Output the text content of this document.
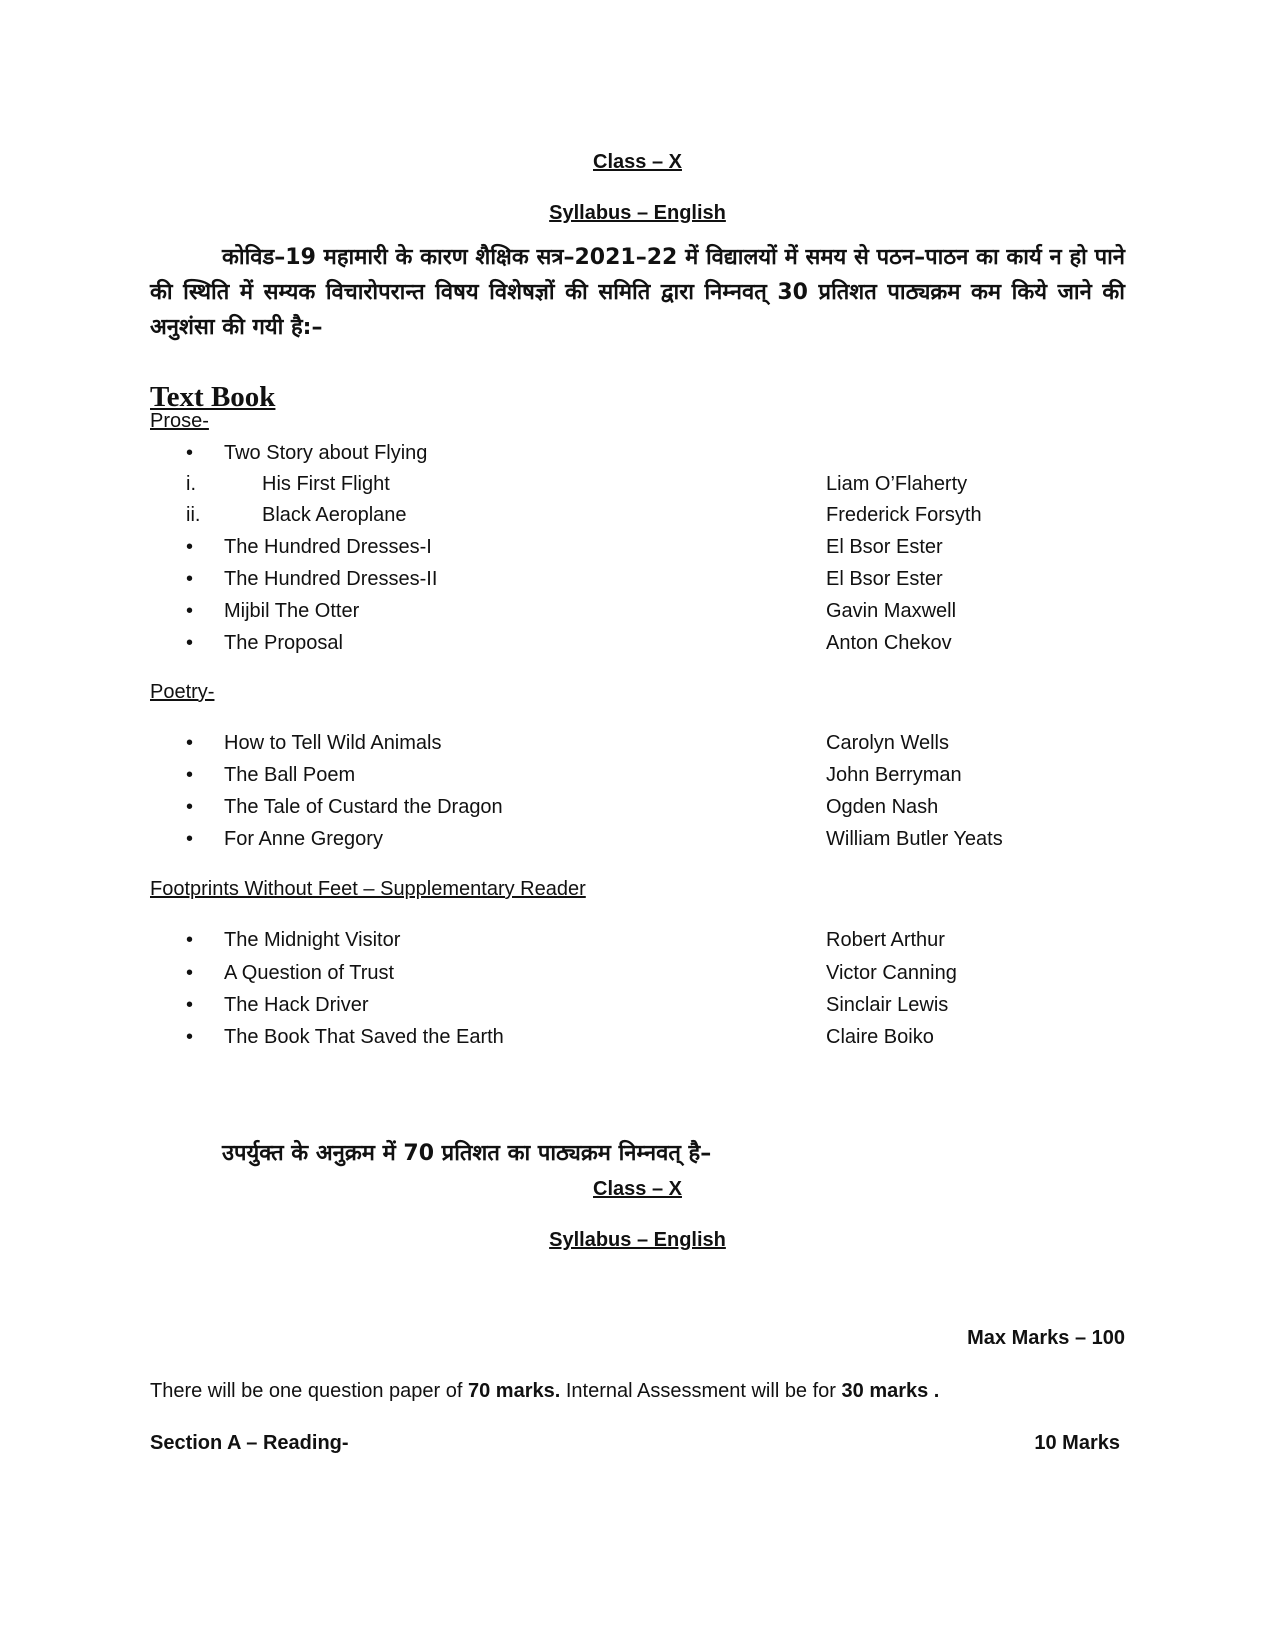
Class – X
Syllabus – English
कोविड–19 महामारी के कारण शैक्षिक सत्र–2021–22 में विद्यालयों में समय से पठन–पाठन का कार्य न हो पाने की स्थिति में सम्यक विचारोपरान्त विषय विशेषज्ञों की समिति द्वारा निम्नवत् 30 प्रतिशत पाठ्यक्रम कम किये जाने की अनुशंसा की गयी है:–
Text Book
Prose-
• Two Story about Flying
i.	His First Flight	Liam O’Flaherty
ii.	Black Aeroplane	Frederick Forsyth
• The Hundred Dresses-I	El Bsor Ester
• The Hundred Dresses-II	El Bsor Ester
• Mijbil The Otter	Gavin Maxwell
• The Proposal	Anton Chekov
Poetry-
• How to Tell Wild Animals	Carolyn Wells
• The Ball Poem	John Berryman
• The Tale of Custard the Dragon	Ogden Nash
• For Anne Gregory	William Butler Yeats
Footprints Without Feet – Supplementary Reader
• The Midnight Visitor	Robert Arthur
• A Question of Trust	Victor Canning
• The Hack Driver	Sinclair Lewis
• The Book That Saved the Earth	Claire Boiko
उपर्युक्त के अनुक्रम में 70 प्रतिशत का पाठ्यक्रम निम्नवत् है–
Class – X
Syllabus – English
Max Marks – 100
There will be one question paper of 70 marks. Internal Assessment will be for 30 marks .
Section A – Reading-	10 Marks
